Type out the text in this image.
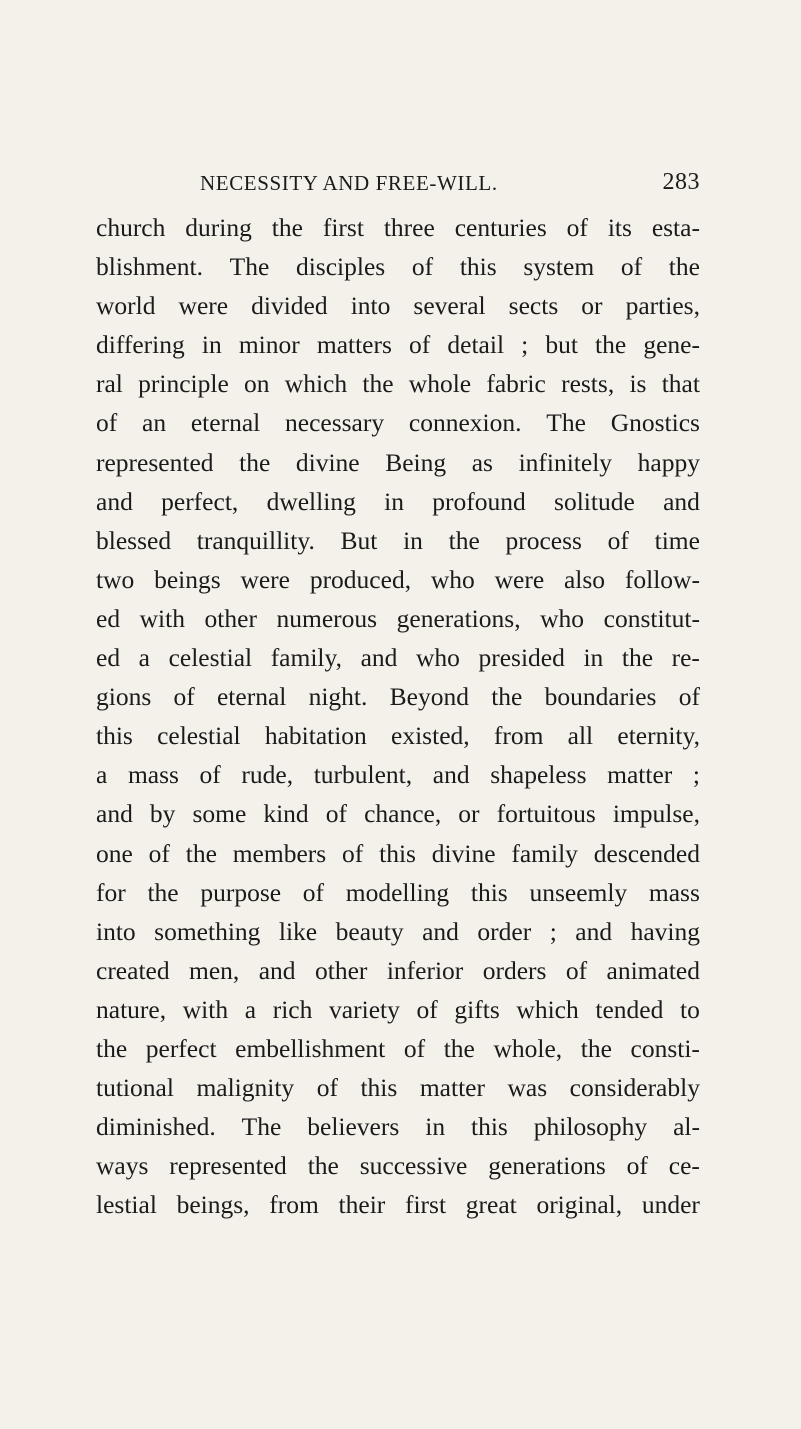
NECESSITY AND FREE-WILL.	283
church during the first three centuries of its esta-
blishment. The disciples of this system of the
world were divided into several sects or parties,
differing in minor matters of detail ; but the gene-
ral principle on which the whole fabric rests, is that
of an eternal necessary connexion. The Gnostics
represented the divine Being as infinitely happy
and perfect, dwelling in profound solitude and
blessed tranquillity. But in the process of time
two beings were produced, who were also follow-
ed with other numerous generations, who constitut-
ed a celestial family, and who presided in the re-
gions of eternal night. Beyond the boundaries of
this celestial habitation existed, from all eternity,
a mass of rude, turbulent, and shapeless matter ;
and by some kind of chance, or fortuitous impulse,
one of the members of this divine family descended
for the purpose of modelling this unseemly mass
into something like beauty and order ; and having
created men, and other inferior orders of animated
nature, with a rich variety of gifts which tended to
the perfect embellishment of the whole, the consti-
tutional malignity of this matter was considerably
diminished. The believers in this philosophy al-
ways represented the successive generations of ce-
lestial beings, from their first great original, under
